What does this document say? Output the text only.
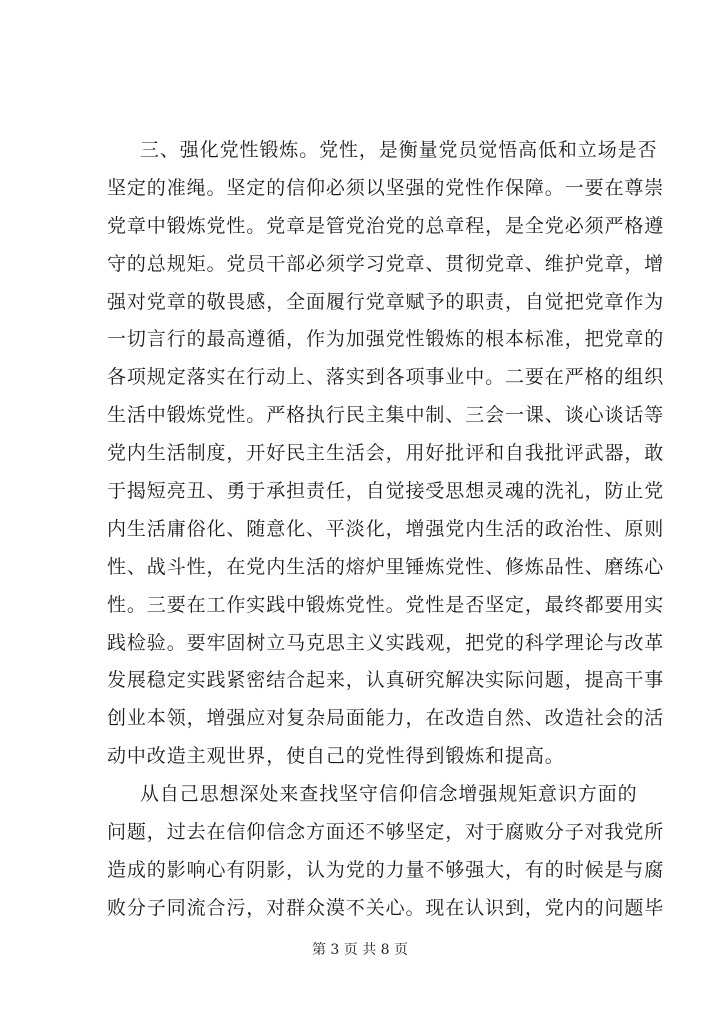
三、强化党性锻炼。党性，是衡量党员觉悟高低和立场是否
坚定的准绳。坚定的信仰必须以坚强的党性作保障。一要在尊崇
党章中锻炼党性。党章是管党治党的总章程，是全党必须严格遵
守的总规矩。党员干部必须学习党章、贯彻党章、维护党章，增
强对党章的敬畏感，全面履行党章赋予的职责，自觉把党章作为
一切言行的最高遵循，作为加强党性锻炼的根本标准，把党章的
各项规定落实在行动上、落实到各项事业中。二要在严格的组织
生活中锻炼党性。严格执行民主集中制、三会一课、谈心谈话等
党内生活制度，开好民主生活会，用好批评和自我批评武器，敢
于揭短亮丑、勇于承担责任，自觉接受思想灵魂的洗礼，防止党
内生活庸俗化、随意化、平淡化，增强党内生活的政治性、原则
性、战斗性，在党内生活的熔炉里锤炼党性、修炼品性、磨练心
性。三要在工作实践中锻炼党性。党性是否坚定，最终都要用实
践检验。要牢固树立马克思主义实践观，把党的科学理论与改革
发展稳定实践紧密结合起来，认真研究解决实际问题，提高干事
创业本领，增强应对复杂局面能力，在改造自然、改造社会的活
动中改造主观世界，使自己的党性得到锻炼和提高。
从自己思想深处来查找坚守信仰信念增强规矩意识方面的
问题，过去在信仰信念方面还不够坚定，对于腐败分子对我党所
造成的影响心有阴影，认为党的力量不够强大，有的时候是与腐
败分子同流合污，对群众漠不关心。现在认识到，党内的问题毕
第 3 页 共 8 页
